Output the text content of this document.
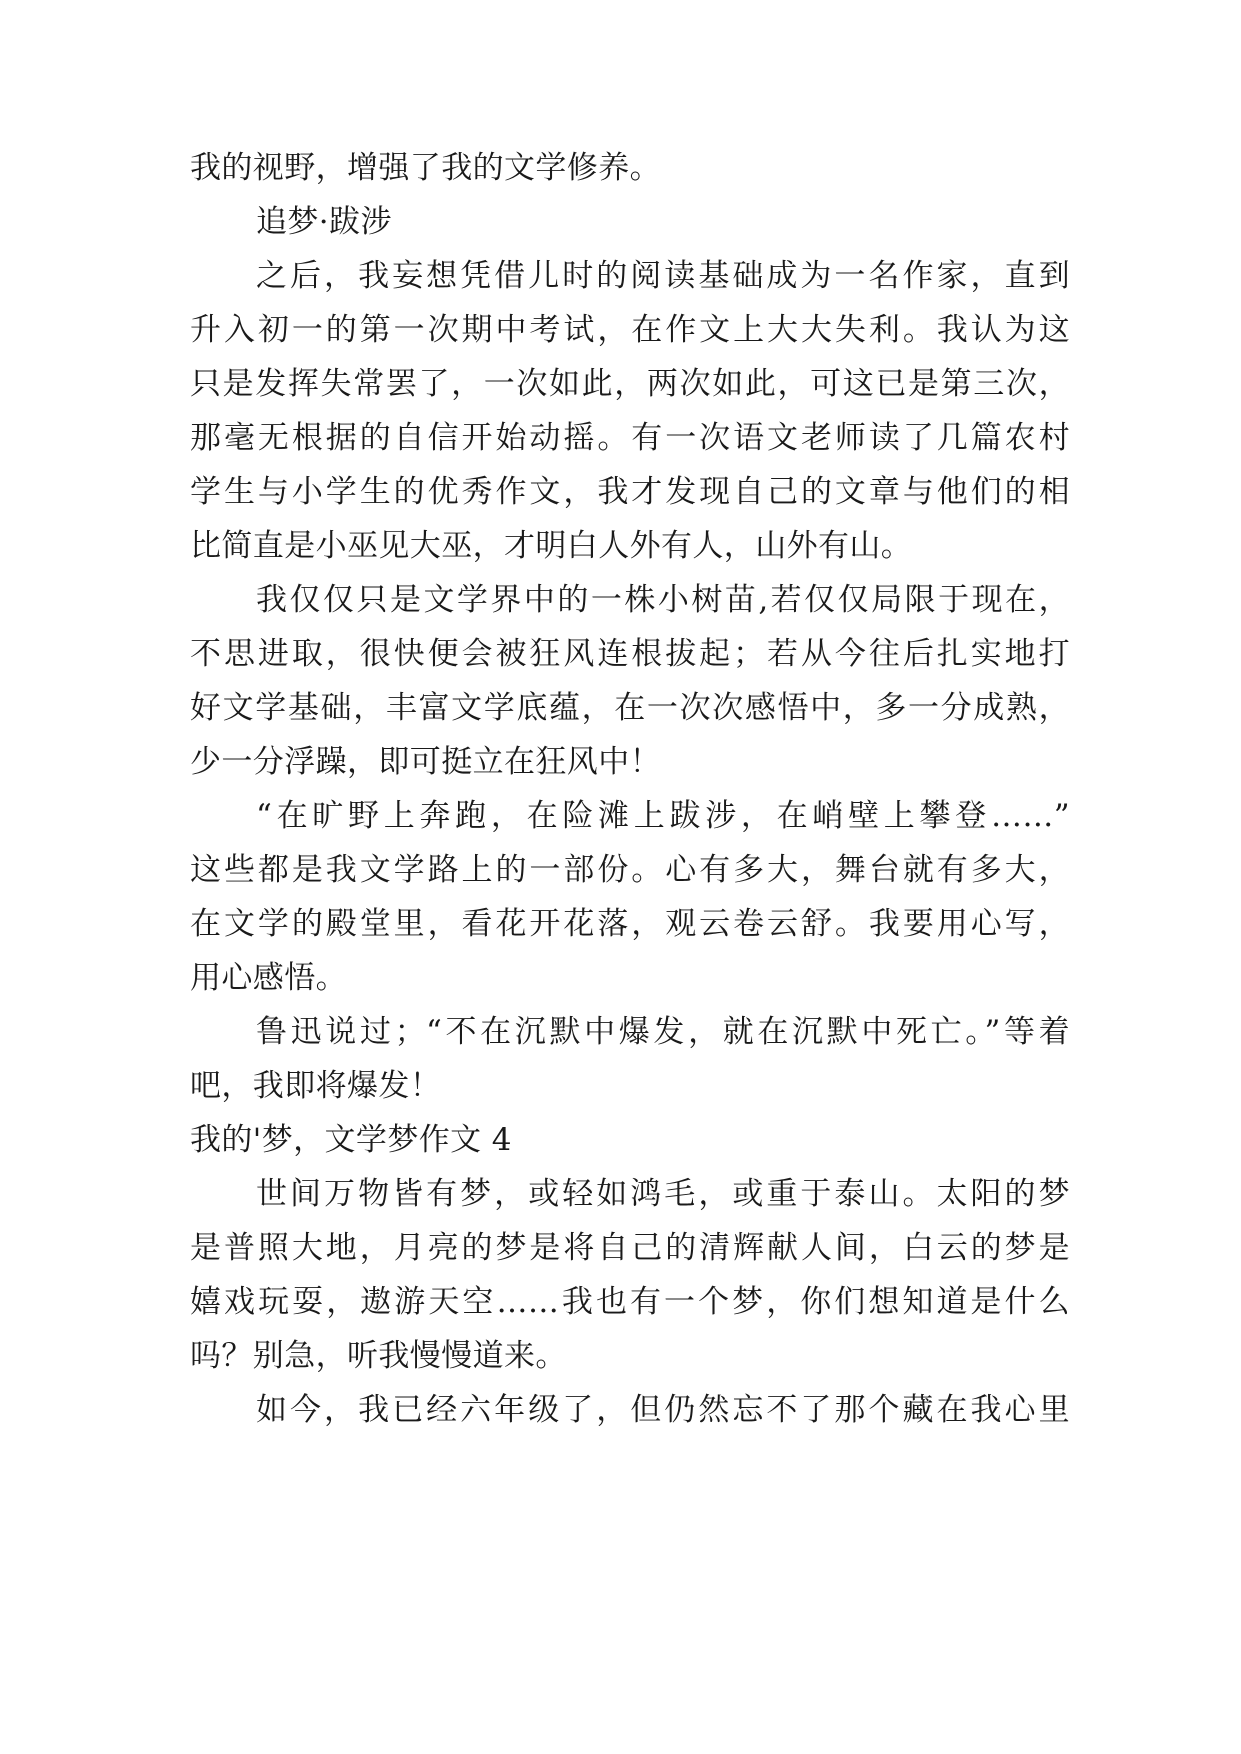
我的视野，增强了我的文学修养。
追梦·跋涉
之后，我妄想凭借儿时的阅读基础成为一名作家，直到
升入初一的第一次期中考试，在作文上大大失利。我认为这
只是发挥失常罢了，一次如此，两次如此，可这已是第三次，
那毫无根据的自信开始动摇。有一次语文老师读了几篇农村
学生与小学生的优秀作文，我才发现自己的文章与他们的相
比简直是小巫见大巫，才明白人外有人，山外有山。
我仅仅只是文学界中的一株小树苗,若仅仅局限于现在，
不思进取，很快便会被狂风连根拔起；若从今往后扎实地打
好文学基础，丰富文学底蕴，在一次次感悟中，多一分成熟，
少一分浮躁，即可挺立在狂风中！
“在旷野上奔跑，在险滩上跋涉，在峭壁上攀登……”
这些都是我文学路上的一部份。心有多大，舞台就有多大，
在文学的殿堂里，看花开花落，观云卷云舒。我要用心写，
用心感悟。
鲁迅说过；“不在沉默中爆发，就在沉默中死亡。”等着
吧，我即将爆发！
我的'梦，文学梦作文 4
世间万物皆有梦，或轻如鸿毛，或重于泰山。太阳的梦
是普照大地，月亮的梦是将自己的清辉献人间，白云的梦是
嬉戏玩耍，遨游天空……我也有一个梦，你们想知道是什么
吗？别急，听我慢慢道来。
如今，我已经六年级了，但仍然忘不了那个藏在我心里
